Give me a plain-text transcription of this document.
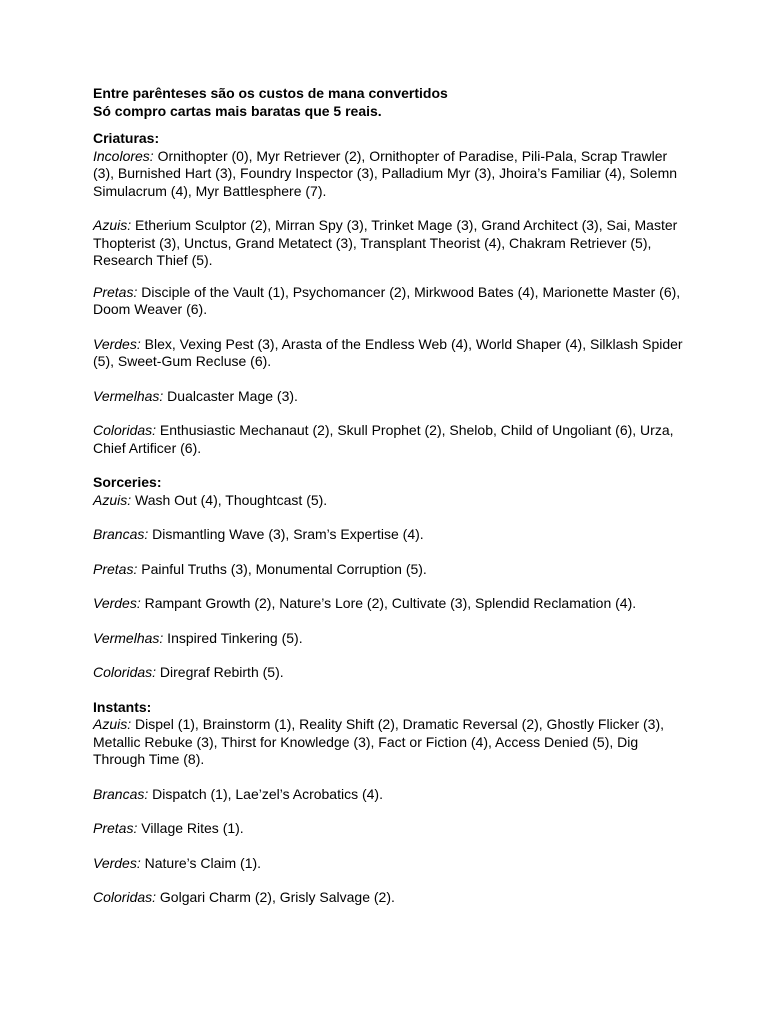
Entre parênteses são os custos de mana convertidos
Só compro cartas mais baratas que 5 reais.
Criaturas:

Incolores: Ornithopter (0), Myr Retriever (2), Ornithopter of Paradise, Pili-Pala, Scrap Trawler (3), Burnished Hart (3), Foundry Inspector (3), Palladium Myr (3), Jhoira’s Familiar (4), Solemn Simulacrum (4), Myr Battlesphere (7).

Azuis: Etherium Sculptor (2), Mirran Spy (3), Trinket Mage (3), Grand Architect (3), Sai, Master Thopterist (3), Unctus, Grand Metatect (3), Transplant Theorist (4), Chakram Retriever (5), Research Thief (5).

Pretas: Disciple of the Vault (1), Psychomancer (2), Mirkwood Bates (4), Marionette Master (6), Doom Weaver (6).

Verdes: Blex, Vexing Pest (3), Arasta of the Endless Web (4), World Shaper (4), Silklash Spider (5), Sweet-Gum Recluse (6).

Vermelhas: Dualcaster Mage (3).

Coloridas: Enthusiastic Mechanaut (2), Skull Prophet (2), Shelob, Child of Ungoliant (6), Urza, Chief Artificer (6).

Sorceries:

Azuis: Wash Out (4), Thoughtcast (5).

Brancas: Dismantling Wave (3), Sram’s Expertise (4).

Pretas: Painful Truths (3), Monumental Corruption (5).

Verdes: Rampant Growth (2), Nature’s Lore (2), Cultivate (3), Splendid Reclamation (4).

Vermelhas: Inspired Tinkering (5).

Coloridas: Diregraf Rebirth (5).

Instants:

Azuis: Dispel (1), Brainstorm (1), Reality Shift (2), Dramatic Reversal (2), Ghostly Flicker (3), Metallic Rebuke (3), Thirst for Knowledge (3), Fact or Fiction (4), Access Denied (5), Dig Through Time (8).

Brancas: Dispatch (1), Lae’zel’s Acrobatics (4).

Pretas: Village Rites (1).

Verdes: Nature’s Claim (1).

Coloridas: Golgari Charm (2), Grisly Salvage (2).
